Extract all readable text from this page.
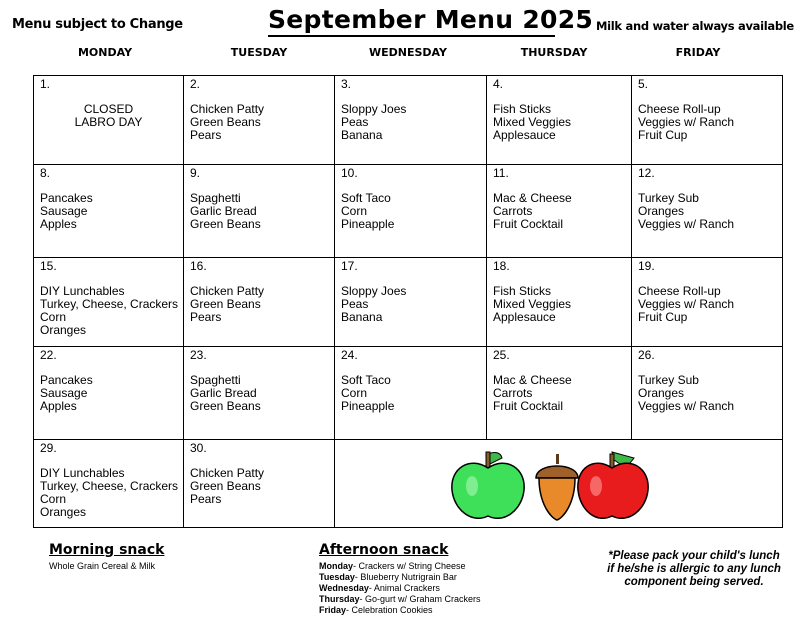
Menu subject to Change	September Menu 2025 Milk and water always available
MONDAY	TUESDAY	WEDNESDAY	THURSDAY	FRIDAY
1.
CLOSED
LABRO DAY	2.
Chicken Patty
Green Beans
Pears	3.
Sloppy Joes
Peas
Banana	4.
Fish Sticks
Mixed Veggies
Applesauce	5.
Cheese Roll-up
Veggies w/ Ranch
Fruit Cup

8.
Pancakes
Sausage
Apples	9.
Spaghetti
Garlic Bread
Green Beans	10.
Soft Taco
Corn
Pineapple	11.
Mac & Cheese
Carrots
Fruit Cocktail	12.
Turkey Sub
Oranges
Veggies w/ Ranch

15.
DIY Lunchables
Turkey, Cheese, Crackers
Corn
Oranges	16.
Chicken Patty
Green Beans
Pears	17.
Sloppy Joes
Peas
Banana	18.
Fish Sticks
Mixed Veggies
Applesauce	19.
Cheese Roll-up
Veggies w/ Ranch
Fruit Cup

22.
Pancakes
Sausage
Apples	23.
Spaghetti
Garlic Bread
Green Beans	24.
Soft Taco
Corn
Pineapple	25.
Mac & Cheese
Carrots
Fruit Cocktail	26.
Turkey Sub
Oranges
Veggies w/ Ranch

29.
DIY Lunchables
Turkey, Cheese, Crackers
Corn
Oranges	30.
Chicken Patty
Green Beans
Pears			

Morning snack
Whole Grain Cereal & Milk
Afternoon snack
Monday- Crackers w/ String Cheese
Tuesday- Blueberry Nutrigrain Bar
Wednesday- Animal Crackers
Thursday- Go-gurt w/ Graham Crackers
Friday- Celebration Cookies
*Please pack your child's lunch if he/she is allergic to any lunch component being served.
